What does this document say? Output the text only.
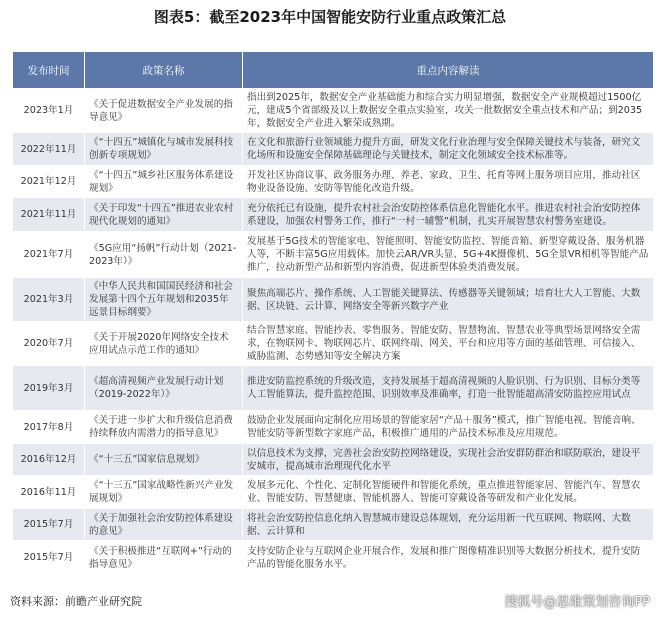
图表5：截至2023年中国智能安防行业重点政策汇总
发布时间	政策名称	重点内容解读
2023年1月	《关于促进数据安全产业发展的指导意见》	指出到2025年，数据安全产业基础能力和综合实力明显增强，数据安全产业规模超过1500亿元，建成5个省部级及以上数据安全重点实验室，攻关一批数据安全重点技术和产品；到2035年，数据安全产业进入繁荣成熟期。
2022年11月	《“十四五”城镇化与城市发展科技创新专项规划》	在文化和旅游行业领域能力提升方面，研发文化行业治理与安全保障关键技术与装备，研究文化场所和设施安全保障基础理论与关键技术，制定文化领域安全技术标准等。
2021年12月	《“十四五”城乡社区服务体系建设规划》	开发社区协商议事、政务服务办理、养老、家政、卫生、托育等网上服务项目应用，推动社区物业设备设施、安防等智能化改造升级。
2021年11月	《关于印发“十四五”推进农业农村现代化规划的通知》	充分依托已有设施，提升农村社会治安防控体系信息化智能化水平。推进农村社会治安防控体系建设，加强农村警务工作，推行“一村一辅警”机制，扎实开展智慧农村警务室建设。
2021年7月	《5G应用“扬帆”行动计划（2021-2023年）》	发展基于5G技术的智能家电、智能照明、智能安防监控、智能音箱、新型穿戴设备、服务机器人等，不断丰富5G应用载体。加快云AR/VR头显、5G+4K摄像机、5G全景VR相机等智能产品推广，拉动新型产品和新型内容消费，促进新型体验类消费发展。
2021年3月	《中华人民共和国国民经济和社会发展第十四个五年规划和2035年远景目标纲要》	聚焦高端芯片、操作系统、人工智能关键算法、传感器等关键领域；培育壮大人工智能、大数据、区块链、云计算、网络安全等新兴数字产业
2020年7月	《关于开展2020年网络安全技术应用试点示范工作的通知》	结合智慧家庭、智能抄表、零售服务、智能安防、智慧物流、智慧农业等典型场景网络安全需求，在物联网卡、物联网芯片、联网终端、网关、平台和应用等方面的基础管理、可信接入、威胁监测、态势感知等安全解决方案
2019年3月	《超高清视频产业发展行动计划（2019-2022年）》	推进安防监控系统的升级改造，支持发展基于超高清视频的人脸识别、行为识别、目标分类等人工智能算法，提升监控范围、识别效率及准确率，打造一批智能超高清安防监控应用试点
2017年8月	《关于进一步扩大和升级信息消费持续释放内需潜力的指导意见》	鼓励企业发展面向定制化应用场景的智能家居“产品＋服务”模式，推广智能电视、智能音响、智能安防等新型数字家庭产品，积极推广通用的产品技术标准及应用规范。
2016年12月	《“十三五”国家信息规划》	以信息技术为支撑，完善社会治安防控网络建设，实现社会治安群防群治和联防联治，建设平安城市，提高城市治理现代化水平
2016年11月	《“十三五”国家战略性新兴产业发展规划》	发展多元化、个性化、定制化智能硬件和智能化系统，重点推进智能家居、智能汽车、智慧农业、智能安防、智慧健康、智能机器人、智能可穿戴设备等研发和产业化发展。
2015年7月	《关于加强社会治安防控体系建设的意见》	将社会治安防控信息化纳入智慧城市建设总体规划，充分运用新一代互联网、物联网、大数据、云计算和
2015年7月	《关于积极推进“互联网+”行动的指导意见》	支持安防企业与互联网企业开展合作，发展和推广图像精准识别等大数据分析技术，提升安防产品的智能化服务水平。
资料来源：前瞻产业研究院	搜狐号@思维策划咨询PP
